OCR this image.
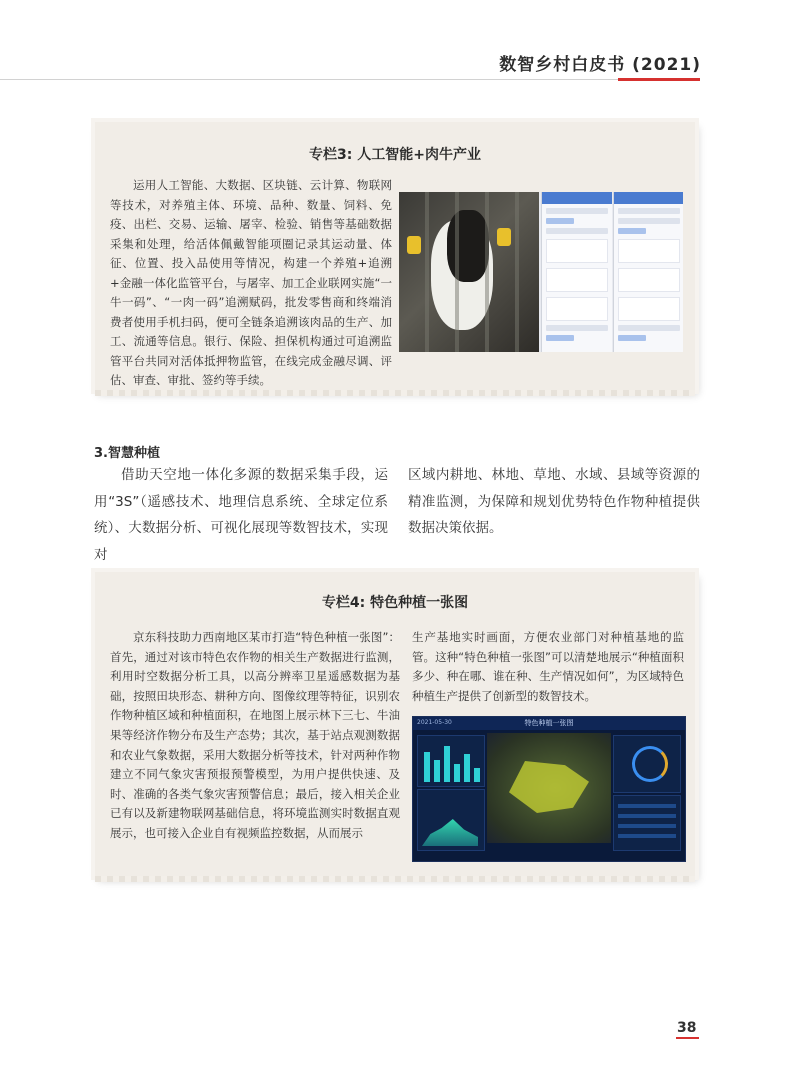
数智乡村白皮书 (2021)
专栏3: 人工智能+肉牛产业

运用人工智能、大数据、区块链、云计算、物联网等技术，对养殖主体、环境、品种、数量、饲料、免疫、出栏、交易、运输、屠宰、检验、销售等基础数据采集和处理，给活体佩戴智能项圈记录其运动量、体征、位置、投入品使用等情况，构建一个养殖+追溯+金融一体化监管平台，与屠宰、加工企业联网实施“一牛一码”、“一肉一码”追溯赋码，批发零售商和终端消费者使用手机扫码，便可全链条追溯该肉品的生产、加工、流通等信息。银行、保险、担保机构通过可追溯监管平台共同对活体抵押物监管，在线完成金融尽调、评估、审查、审批、签约等手续。

3.智慧种植

借助天空地一体化多源的数据采集手段，运用“3S”（遥感技术、地理信息系统、全球定位系统）、大数据分析、可视化展现等数智技术，实现对

区域内耕地、林地、草地、水域、县域等资源的精准监测，为保障和规划优势特色作物种植提供数据决策依据。

专栏4: 特色种植一张图

京东科技助力西南地区某市打造“特色种植一张图”：首先，通过对该市特色农作物的相关生产数据进行监测，利用时空数据分析工具，以高分辨率卫星遥感数据为基础，按照田块形态、耕种方向、图像纹理等特征，识别农作物种植区域和种植面积，在地图上展示林下三七、牛油果等经济作物分布及生产态势；其次，基于站点观测数据和农业气象数据，采用大数据分析等技术，针对两种作物建立不同气象灾害预报预警模型，为用户提供快速、及时、准确的各类气象灾害预警信息；最后，接入相关企业已有以及新建物联网基础信息，将环境监测实时数据直观展示，也可接入企业自有视频监控数据，从而展示

生产基地实时画面，方便农业部门对种植基地的监管。这种“特色种植一张图”可以清楚地展示“种植面积多少、种在哪、谁在种、生产情况如何”，为区域特色种植生产提供了创新型的数智技术。

2021-05-30	特色种植一张图
38
